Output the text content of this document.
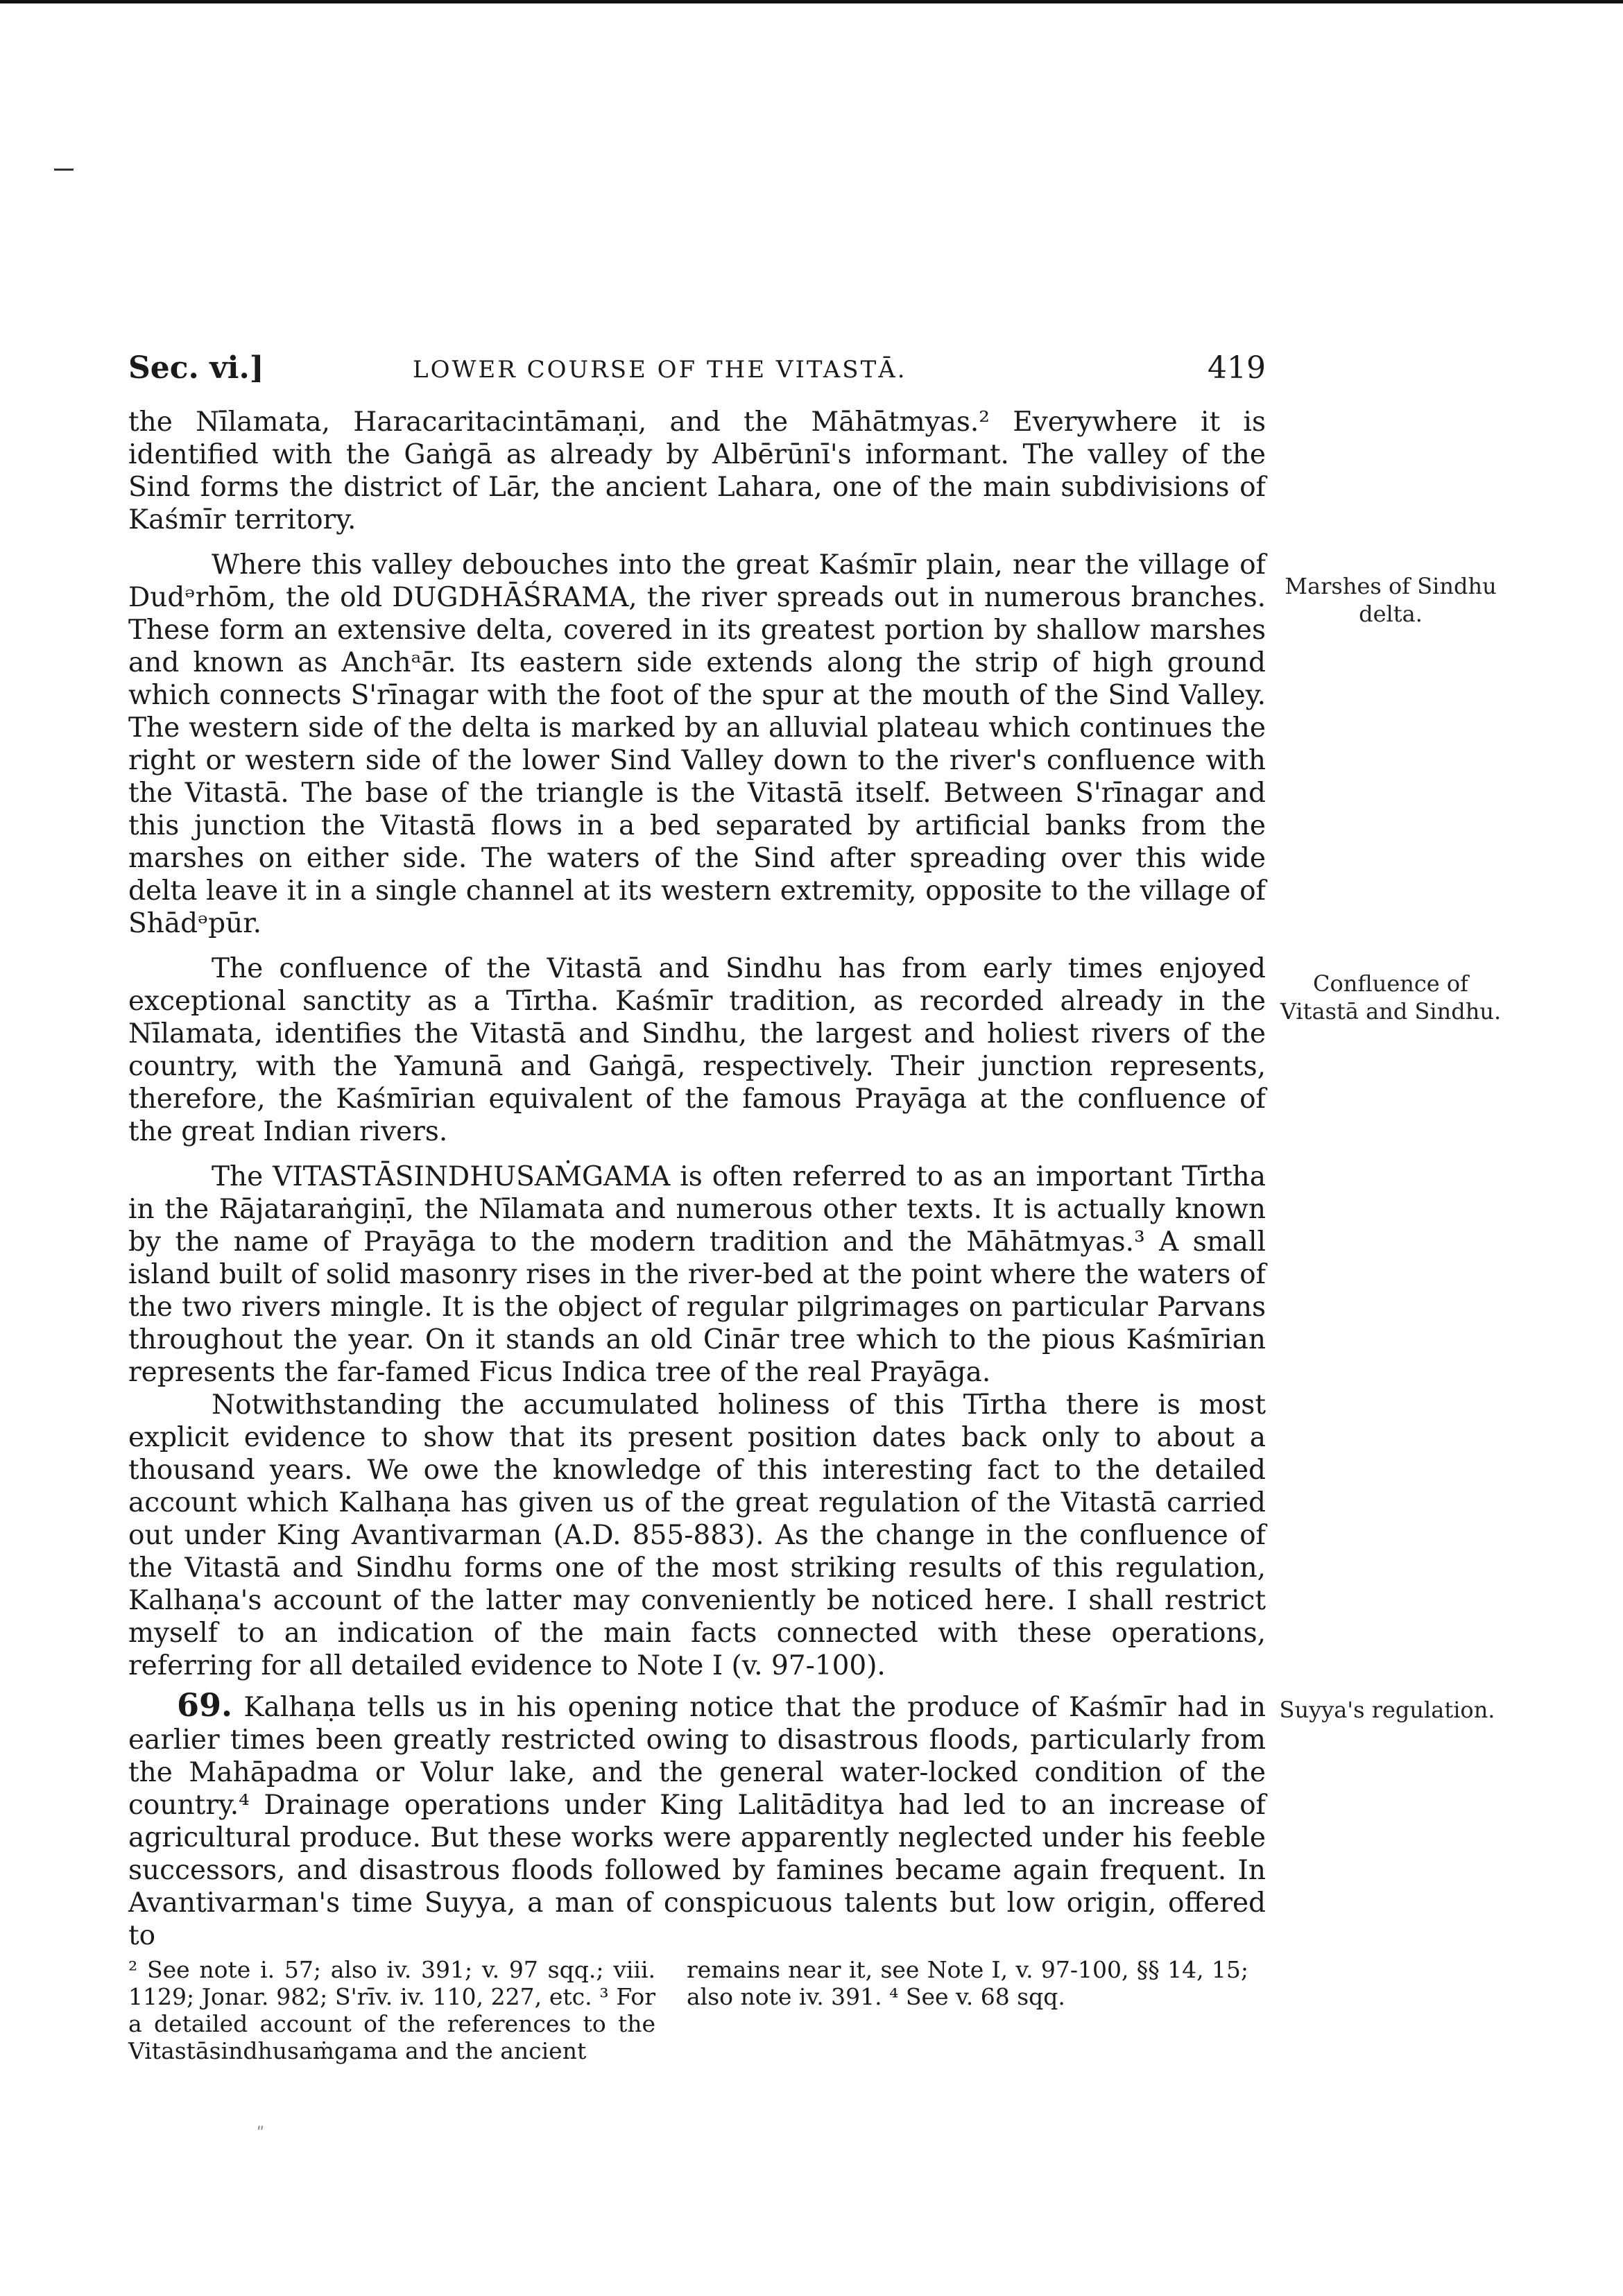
Sec. vi.]	LOWER COURSE OF THE VITASTĀ.	419

the Nīlamata, Haracaritacintāmaṇi, and the Māhātmyas.² Everywhere it is identified with the Gaṅgā as already by Albērūnī's informant. The valley of the Sind forms the district of Lār, the ancient Lahara, one of the main subdivisions of Kaśmīr territory.

Where this valley debouches into the great Kaśmīr plain, near the village of Dudᵊrhōm, the old DUGDHĀŚRAMA, the river spreads out in numerous branches. These form an extensive delta, covered in its greatest portion by shallow marshes and known as Anchᵃār. Its eastern side extends along the strip of high ground which connects S'rīnagar with the foot of the spur at the mouth of the Sind Valley. The western side of the delta is marked by an alluvial plateau which continues the right or western side of the lower Sind Valley down to the river's confluence with the Vitastā. The base of the triangle is the Vitastā itself. Between S'rīnagar and this junction the Vitastā flows in a bed separated by artificial banks from the marshes on either side. The waters of the Sind after spreading over this wide delta leave it in a single channel at its western extremity, opposite to the village of Shādᵊpūr.

The confluence of the Vitastā and Sindhu has from early times enjoyed exceptional sanctity as a Tīrtha. Kaśmīr tradition, as recorded already in the Nīlamata, identifies the Vitastā and Sindhu, the largest and holiest rivers of the country, with the Yamunā and Gaṅgā, respectively. Their junction represents, therefore, the Kaśmīrian equivalent of the famous Prayāga at the confluence of the great Indian rivers.

The VITASTĀSINDHUSAṀGAMA is often referred to as an important Tīrtha in the Rājataraṅgiṇī, the Nīlamata and numerous other texts. It is actually known by the name of Prayāga to the modern tradition and the Māhātmyas.³ A small island built of solid masonry rises in the river-bed at the point where the waters of the two rivers mingle. It is the object of regular pilgrimages on particular Parvans throughout the year. On it stands an old Cinār tree which to the pious Kaśmīrian represents the far-famed Ficus Indica tree of the real Prayāga.

Notwithstanding the accumulated holiness of this Tīrtha there is most explicit evidence to show that its present position dates back only to about a thousand years. We owe the knowledge of this interesting fact to the detailed account which Kalhaṇa has given us of the great regulation of the Vitastā carried out under King Avantivarman (A.D. 855-883). As the change in the confluence of the Vitastā and Sindhu forms one of the most striking results of this regulation, Kalhaṇa's account of the latter may conveniently be noticed here. I shall restrict myself to an indication of the main facts connected with these operations, referring for all detailed evidence to Note I (v. 97-100).

69. Kalhaṇa tells us in his opening notice that the produce of Kaśmīr had in earlier times been greatly restricted owing to disastrous floods, particularly from the Mahāpadma or Volur lake, and the general water-locked condition of the country.⁴ Drainage operations under King Lalitāditya had led to an increase of agricultural produce. But these works were apparently neglected under his feeble successors, and disastrous floods followed by famines became again frequent. In Avantivarman's time Suyya, a man of conspicuous talents but low origin, offered to

Marshes of Sindhu delta.
Confluence of Vitastā and Sindhu.
Suyya's regulation.
² See note i. 57; also iv. 391; v. 97 sqq.; viii. 1129; Jonar. 982; S'rīv. iv. 110, 227, etc. ³ For a detailed account of the references to the Vitastāsindhusaṁgama and the ancient
remains near it, see Note I, v. 97-100, §§ 14, 15; also note iv. 391. ⁴ See v. 68 sqq.
ʺ
